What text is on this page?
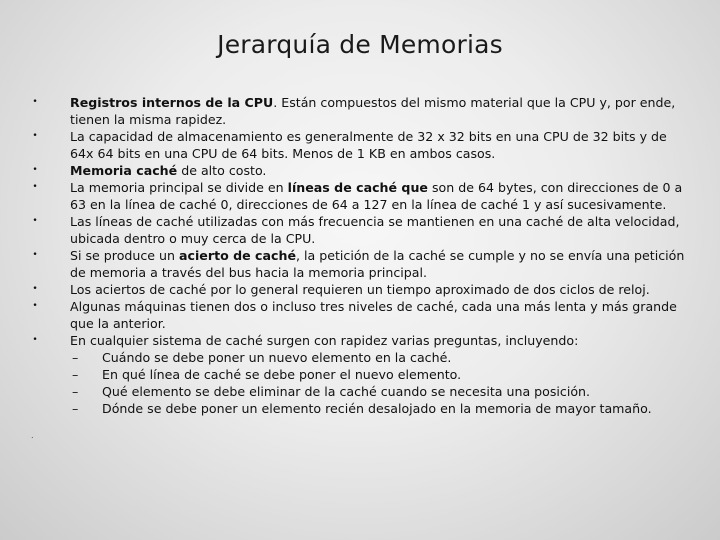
Jerarquía de Memorias
•	Registros internos de la CPU. Están compuestos del mismo material que la CPU y, por ende, tienen la misma rapidez.
•	La capacidad de almacenamiento es generalmente de 32 x 32 bits en una CPU de 32 bits y de 64x 64 bits en una CPU de 64 bits. Menos de 1 KB en ambos casos.
•	Memoria caché de alto costo.
•	La memoria principal se divide en líneas de caché que son de 64 bytes, con direcciones de 0 a 63 en la línea de caché 0, direcciones de 64 a 127 en la línea de caché 1 y así sucesivamente.
•	Las líneas de caché utilizadas con más frecuencia se mantienen en una caché de alta velocidad, ubicada dentro o muy cerca de la CPU.
•	Si se produce un acierto de caché, la petición de la caché se cumple y no se envía una petición de memoria a través del bus hacia la memoria principal.
•	Los aciertos de caché por lo general requieren un tiempo aproximado de dos ciclos de reloj.
•	Algunas máquinas tienen dos o incluso tres niveles de caché, cada una más lenta y más grande que la anterior.
•	En cualquier sistema de caché surgen con rapidez varias preguntas, incluyendo:
– Cuándo se debe poner un nuevo elemento en la caché.
– En qué línea de caché se debe poner el nuevo elemento.
– Qué elemento se debe eliminar de la caché cuando se necesita una posición.
– Dónde se debe poner un elemento recién desalojado en la memoria de mayor tamaño.
.
